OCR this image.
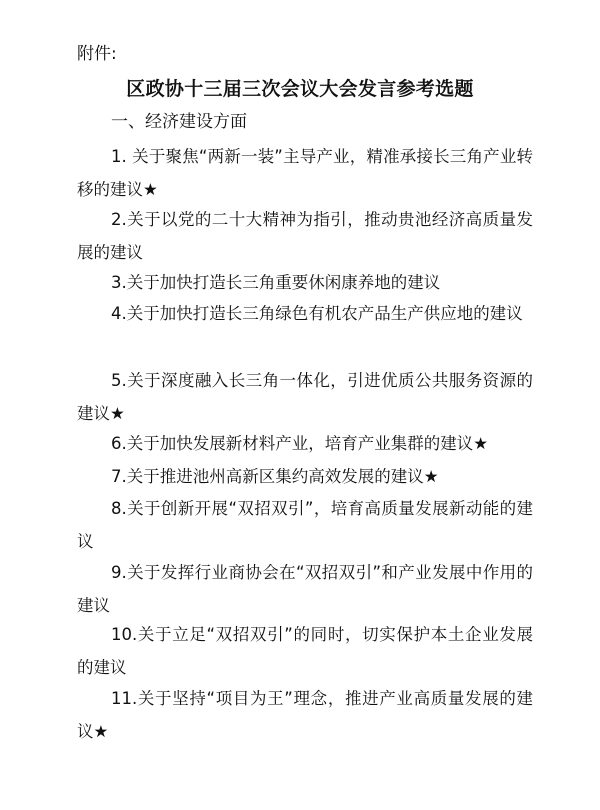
附件:
区政协十三届三次会议大会发言参考选题
一、经济建设方面
1. 关于聚焦“两新一装”主导产业，精准承接长三角产业转移的建议★
2.关于以党的二十大精神为指引，推动贵池经济高质量发展的建议
3.关于加快打造长三角重要休闲康养地的建议
4.关于加快打造长三角绿色有机农产品生产供应地的建议
5.关于深度融入长三角一体化，引进优质公共服务资源的建议★
6.关于加快发展新材料产业，培育产业集群的建议★
7.关于推进池州高新区集约高效发展的建议★
8.关于创新开展“双招双引”，培育高质量发展新动能的建议
9.关于发挥行业商协会在“双招双引”和产业发展中作用的建议
10.关于立足“双招双引”的同时，切实保护本土企业发展的建议
11.关于坚持“项目为王”理念，推进产业高质量发展的建议★
